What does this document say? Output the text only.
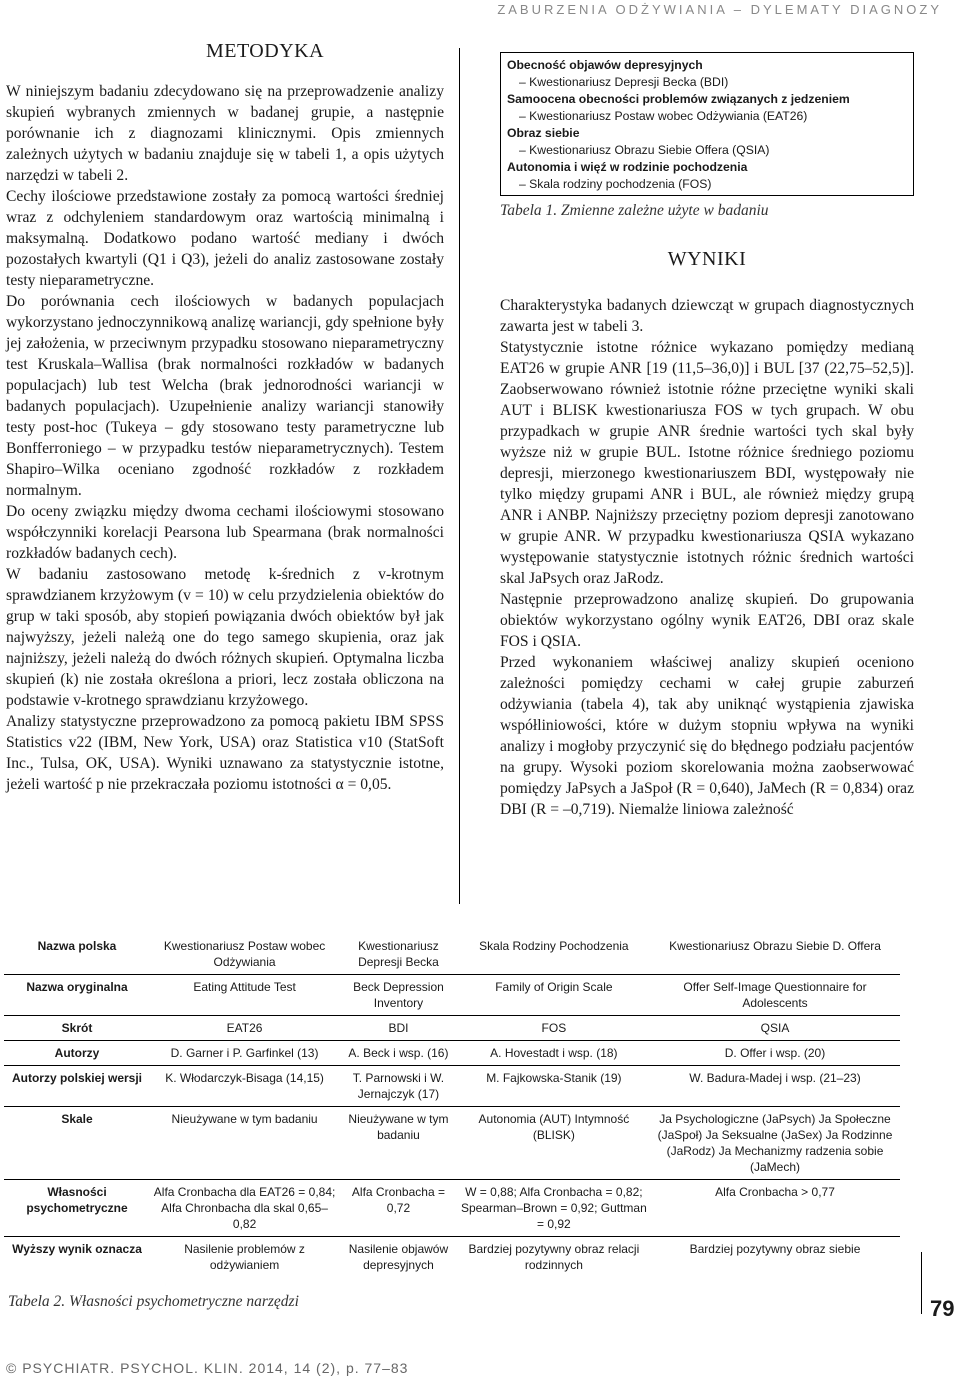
ZABURZENIA ODŻYWIANIA – DYLEMATY DIAGNOZY
METODYKA

W niniejszym badaniu zdecydowano się na przeprowadzenie analizy skupień wybranych zmiennych w badanej grupie, a następnie porównanie ich z diagnozami klinicznymi. Opis zmiennych zależnych użytych w badaniu znajduje się w tabeli 1, a opis użytych narzędzi w tabeli 2.

Cechy ilościowe przedstawione zostały za pomocą wartości średniej wraz z odchyleniem standardowym oraz wartością minimalną i maksymalną. Dodatkowo podano wartość mediany i dwóch pozostałych kwartyli (Q1 i Q3), jeżeli do analiz zastosowane zostały testy nieparametryczne.

Do porównania cech ilościowych w badanych populacjach wykorzystano jednoczynnikową analizę wariancji, gdy spełnione były jej założenia, w przeciwnym przypadku stosowano nieparametryczny test Kruskala–Wallisa (brak normalności rozkładów w badanych populacjach) lub test Welcha (brak jednorodności wariancji w badanych populacjach). Uzupełnienie analizy wariancji stanowiły testy post-hoc (Tukeya – gdy stosowano testy parametryczne lub Bonfferroniego – w przypadku testów nieparametrycznych). Testem Shapiro–Wilka oceniano zgodność rozkładów z rozkładem normalnym.

Do oceny związku między dwoma cechami ilościowymi stosowano współczynniki korelacji Pearsona lub Spearmana (brak normalności rozkładów badanych cech).

W badaniu zastosowano metodę k-średnich z v-krotnym sprawdzianem krzyżowym (v = 10) w celu przydzielenia obiektów do grup w taki sposób, aby stopień powiązania dwóch obiektów był jak najwyższy, jeżeli należą one do tego samego skupienia, oraz jak najniższy, jeżeli należą do dwóch różnych skupień. Optymalna liczba skupień (k) nie została określona a priori, lecz została obliczona na podstawie v-krotnego sprawdzianu krzyżowego.

Analizy statystyczne przeprowadzono za pomocą pakietu IBM SPSS Statistics v22 (IBM, New York, USA) oraz Statistica v10 (StatSoft Inc., Tulsa, OK, USA). Wyniki uznawano za statystycznie istotne, jeżeli wartość p nie przekraczała poziomu istotności α = 0,05.

Obecność objawów depresyjnych
– Kwestionariusz Depresji Becka (BDI)
Samoocena obecności problemów związanych z jedzeniem
– Kwestionariusz Postaw wobec Odżywiania (EAT26)
Obraz siebie
– Kwestionariusz Obrazu Siebie Offera (QSIA)
Autonomia i więź w rodzinie pochodzenia
– Skala rodziny pochodzenia (FOS)
Tabela 1. Zmienne zależne użyte w badaniu
WYNIKI

Charakterystyka badanych dziewcząt w grupach diagnostycznych zawarta jest w tabeli 3.

Statystycznie istotne różnice wykazano pomiędzy medianą EAT26 w grupie ANR [19 (11,5–36,0)] i BUL [37 (22,75–52,5)]. Zaobserwowano również istotnie różne przeciętne wyniki skali AUT i BLISK kwestionariusza FOS w tych grupach. W obu przypadkach w grupie ANR średnie wartości tych skal były wyższe niż w grupie BUL. Istotne różnice średniego poziomu depresji, mierzonego kwestionariuszem BDI, występowały nie tylko między grupami ANR i BUL, ale również między grupą ANR i ANBP. Najniższy przeciętny poziom depresji zanotowano w grupie ANR. W przypadku kwestionariusza QSIA wykazano występowanie statystycznie istotnych różnic średnich wartości skal JaPsych oraz JaRodz.

Następnie przeprowadzono analizę skupień. Do grupowania obiektów wykorzystano ogólny wynik EAT26, DBI oraz skale FOS i QSIA.

Przed wykonaniem właściwej analizy skupień oceniono zależności pomiędzy cechami w całej grupie zaburzeń odżywiania (tabela 4), tak aby uniknąć wystąpienia zjawiska współliniowości, które w dużym stopniu wpływa na wyniki analizy i mogłoby przyczynić się do błędnego podziału pacjentów na grupy. Wysoki poziom skorelowania można zaobserwować pomiędzy JaPsych a JaSpoł (R = 0,640), JaMech (R = 0,834) oraz DBI (R = –0,719). Niemalże liniowa zależność

Nazwa polska	Kwestionariusz Postaw wobec Odżywiania	Kwestionariusz Depresji Becka	Skala Rodziny Pochodzenia	Kwestionariusz Obrazu Siebie D. Offera
Nazwa oryginalna	Eating Attitude Test	Beck Depression Inventory	Family of Origin Scale	Offer Self-Image Questionnaire for Adolescents
Skrót	EAT26	BDI	FOS	QSIA
Autorzy	D. Garner i P. Garfinkel (13)	A. Beck i wsp. (16)	A. Hovestadt i wsp. (18)	D. Offer i wsp. (20)
Autorzy polskiej wersji	K. Włodarczyk-Bisaga (14,15)	T. Parnowski i W. Jernajczyk (17)	M. Fajkowska-Stanik (19)	W. Badura-Madej i wsp. (21–23)
Skale	Nieużywane w tym badaniu	Nieużywane w tym badaniu	Autonomia (AUT) Intymność (BLISK)	Ja Psychologiczne (JaPsych) Ja Społeczne (JaSpoł) Ja Seksualne (JaSex) Ja Rodzinne (JaRodz) Ja Mechanizmy radzenia sobie (JaMech)
Własności psychometryczne	Alfa Cronbacha dla EAT26 = 0,84; Alfa Chronbacha dla skal 0,65–0,82	Alfa Cronbacha = 0,72	W = 0,88; Alfa Cronbacha = 0,82; Spearman–Brown = 0,92; Guttman = 0,92	Alfa Cronbacha > 0,77
Wyższy wynik oznacza	Nasilenie problemów z odżywianiem	Nasilenie objawów depresyjnych	Bardziej pozytywny obraz relacji rodzinnych	Bardziej pozytywny obraz siebie
Tabela 2. Własności psychometryczne narzędzi	79
© PSYCHIATR. PSYCHOL. KLIN. 2014, 14 (2), p. 77–83
